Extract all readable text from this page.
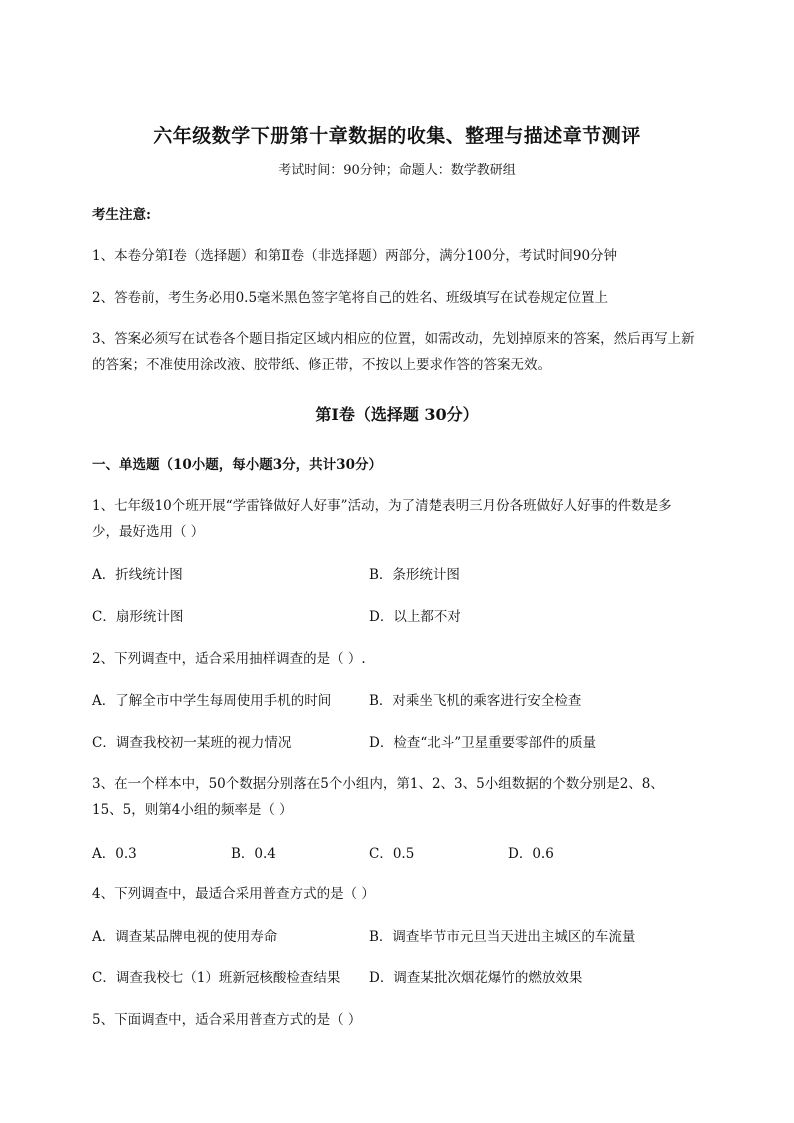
六年级数学下册第十章数据的收集、整理与描述章节测评
考试时间：90分钟；命题人：数学教研组
考生注意:
1、本卷分第I卷（选择题）和第Ⅱ卷（非选择题）两部分，满分100分，考试时间90分钟
2、答卷前，考生务必用0.5毫米黑色签字笔将自己的姓名、班级填写在试卷规定位置上
3、答案必须写在试卷各个题目指定区域内相应的位置，如需改动，先划掉原来的答案，然后再写上新
的答案；不准使用涂改液、胶带纸、修正带，不按以上要求作答的答案无效。
第I卷（选择题 30分）
一、单选题（10小题，每小题3分，共计30分）
1、七年级10个班开展“学雷锋做好人好事”活动，为了清楚表明三月份各班做好人好事的件数是多
少，最好选用（ ）
A．折线统计图	B．条形统计图
C．扇形统计图	D．以上都不对
2、下列调查中，适合采用抽样调查的是（ ）.
A．了解全市中学生每周使用手机的时间	B．对乘坐飞机的乘客进行安全检查
C．调查我校初一某班的视力情况	D．检查“北斗”卫星重要零部件的质量
3、在一个样本中，50个数据分别落在5个小组内，第1、2、3、5小组数据的个数分别是2、8、
15、5，则第4小组的频率是（ ）
A．0.3	B．0.4	C．0.5	D．0.6
4、下列调查中，最适合采用普查方式的是（ ）
A．调查某品牌电视的使用寿命	B．调查毕节市元旦当天进出主城区的车流量
C．调查我校七（1）班新冠核酸检查结果 D．调查某批次烟花爆竹的燃放效果
5、下面调查中，适合采用普查方式的是（ ）
